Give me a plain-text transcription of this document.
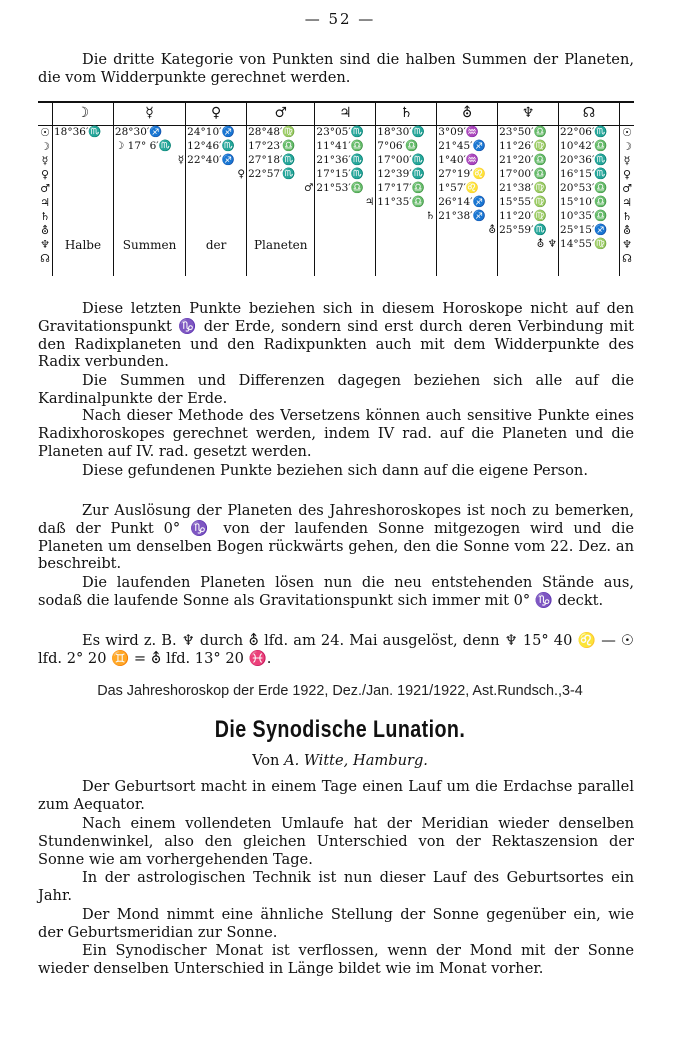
— 52 —

Die dritte Kategorie von Punkten sind die halben Summen der Planeten, die vom Widderpunkte gerechnet werden.

	☽	☿	♀	♂	♃	♄	⛢	♆	☊	
☉	18°36′♏	28°30′♐	24°10′♐	28°48′♍	23°05′♏	18°30′♏	3°09′♒	23°50′♎	22°06′♏	☉
☽		☽ 17° 6′♏	12°46′♏	17°23′♎	11°41′♎	7°06′♎	21°45′♐	11°26′♍	10°42′♎	☽
☿		☿	22°40′♐	27°18′♏	21°36′♏	17°00′♏	1°40′♒	21°20′♎	20°36′♏	☿
♀			♀	22°57′♏	17°15′♏	12°39′♏	27°19′♌	17°00′♎	16°15′♏	♀
♂				♂	21°53′♎	17°17′♎	1°57′♌	21°38′♍	20°53′♎	♂
♃					♃	11°35′♎	26°14′♐	15°55′♍	15°10′♎	♃
♄						♄	21°38′♐	11°20′♍	10°35′♎	♄
⛢							⛢	25°59′♏	25°15′♐	⛢
♆	Halbe	Summen	der	Planeten				⛢ ♆	14°55′♍	♆
☊										☊

Diese letzten Punkte beziehen sich in diesem Horoskope nicht auf den Gravitationspunkt ♑ der Erde, sondern sind erst durch deren Verbindung mit den Radixplaneten und den Radixpunkten auch mit dem Widderpunkte des Radix verbunden.

Die Summen und Differenzen dagegen beziehen sich alle auf die Kardinalpunkte der Erde.

Nach dieser Methode des Versetzens können auch sensitive Punkte eines Radixhoroskopes gerechnet werden, indem IV rad. auf die Planeten und die Planeten auf IV. rad. gesetzt werden.

Diese gefundenen Punkte beziehen sich dann auf die eigene Person.

Zur Auslösung der Planeten des Jahreshoroskopes ist noch zu bemerken, daß der Punkt 0° ♑ von der laufenden Sonne mitgezogen wird und die Planeten um denselben Bogen rückwärts gehen, den die Sonne vom 22. Dez. an beschreibt.

Die laufenden Planeten lösen nun die neu entstehenden Stände aus, sodaß die laufende Sonne als Gravitationspunkt sich immer mit 0° ♑ deckt.

Es wird z. B. ♆ durch ⛢ lfd. am 24. Mai ausgelöst, denn ♆ 15° 40 ♌ — ☉ lfd. 2° 20 ♊ = ⛢ lfd. 13° 20 ♓.

Das Jahreshoroskop der Erde 1922, Dez./Jan. 1921/1922, Ast.Rundsch.,3-4
Die Synodische Lunation.
Von A. Witte, Hamburg.

Der Geburtsort macht in einem Tage einen Lauf um die Erdachse parallel zum Aequator.

Nach einem vollendeten Umlaufe hat der Meridian wieder denselben Stundenwinkel, also den gleichen Unterschied von der Rektaszension der Sonne wie am vorhergehenden Tage.

In der astrologischen Technik ist nun dieser Lauf des Geburtsortes ein Jahr.

Der Mond nimmt eine ähnliche Stellung der Sonne gegenüber ein, wie der Geburtsmeridian zur Sonne.

Ein Synodischer Monat ist verflossen, wenn der Mond mit der Sonne wieder denselben Unterschied in Länge bildet wie im Monat vorher.
